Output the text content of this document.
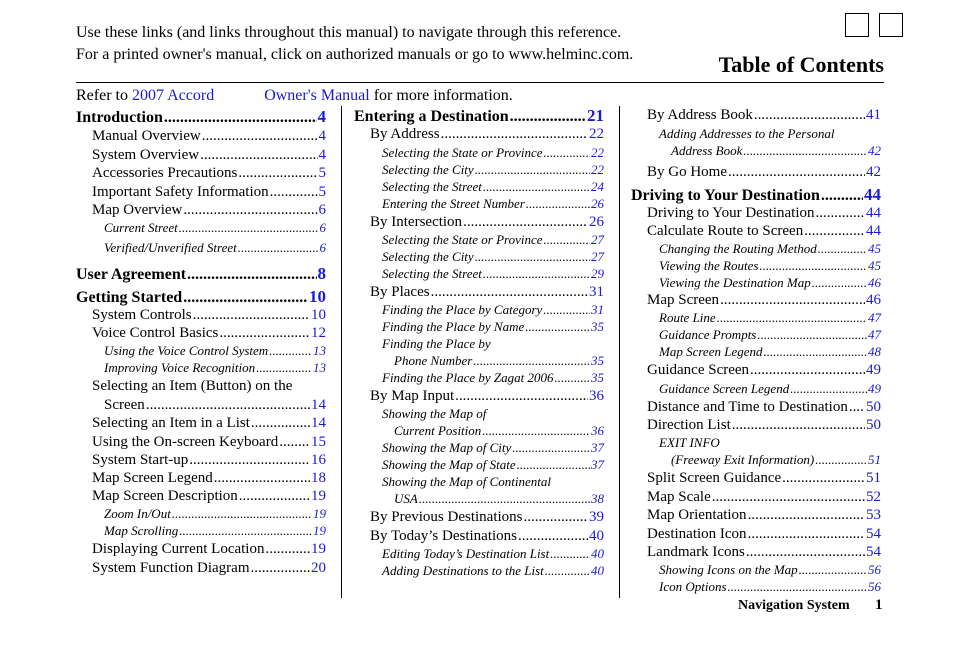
Use these links (and links throughout this manual) to navigate through this reference.
For a printed owner's manual, click on authorized manuals or go to www.helminc.com.	Table of Contents
Refer to 2007 Accord	Owner's Manual for more information.
Introduction .....	4
Manual Overview .....	4
System Overview .....	4
Accessories Precautions .....	5
Important Safety Information .....	5
Map Overview .....	6
Current Street .....	6
Verified/Unverified Street .....	6
User Agreement .....	8
Getting Started .....	10
System Controls .....	10
Voice Control Basics .....	12
Using the Voice Control System .....	13
Improving Voice Recognition .....	13
Selecting an Item (Button) on the
Screen .....	14
Selecting an Item in a List .....	14
Using the On-screen Keyboard ..... 15
System Start-up .....	16
Map Screen Legend .....	18
Map Screen Description .....	19
Zoom In/Out .....	19
Map Scrolling .....	19
Displaying Current Location .....	19
System Function Diagram .....	20
Entering a Destination .....	21
By Address .....	22
Selecting the State or Province .....	22
Selecting the City .....	22
Selecting the Street .....	24
Entering the Street Number .....	26
By Intersection .....	26
Selecting the State or Province .....	27
Selecting the City .....	27
Selecting the Street .....	29
By Places .....	31
Finding the Place by Category .....	31
Finding the Place by Name .....	35
Finding the Place by
Phone Number .....	35
Finding the Place by Zagat 2006 .....	35
By Map Input .....	36
Showing the Map of
Current Position .....	36
Showing the Map of City .....	37
Showing the Map of State .....	37
Showing the Map of Continental
USA .....	38
By Previous Destinations .....	39
By Today’s Destinations .....	40
Editing Today’s Destination List .....	40
Adding Destinations to the List .....	40
By Address Book .....	41
Adding Addresses to the Personal
Address Book .....	42
By Go Home .....	42
Driving to Your Destination .....	44
Driving to Your Destination .....	44
Calculate Route to Screen .....	44
Changing the Routing Method .....	45
Viewing the Routes .....	45
Viewing the Destination Map .....	46
Map Screen .....	46
Route Line .....	47
Guidance Prompts .....	47
Map Screen Legend .....	48
Guidance Screen .....	49
Guidance Screen Legend .....	49
Distance and Time to Destination ..... 50
Direction List .....	50
EXIT INFO
(Freeway Exit Information) .....	51
Split Screen Guidance .....	51
Map Scale .....	52
Map Orientation .....	53
Destination Icon .....	54
Landmark Icons .....	54
Showing Icons on the Map .....	56
Icon Options .....	56
Navigation System 1
